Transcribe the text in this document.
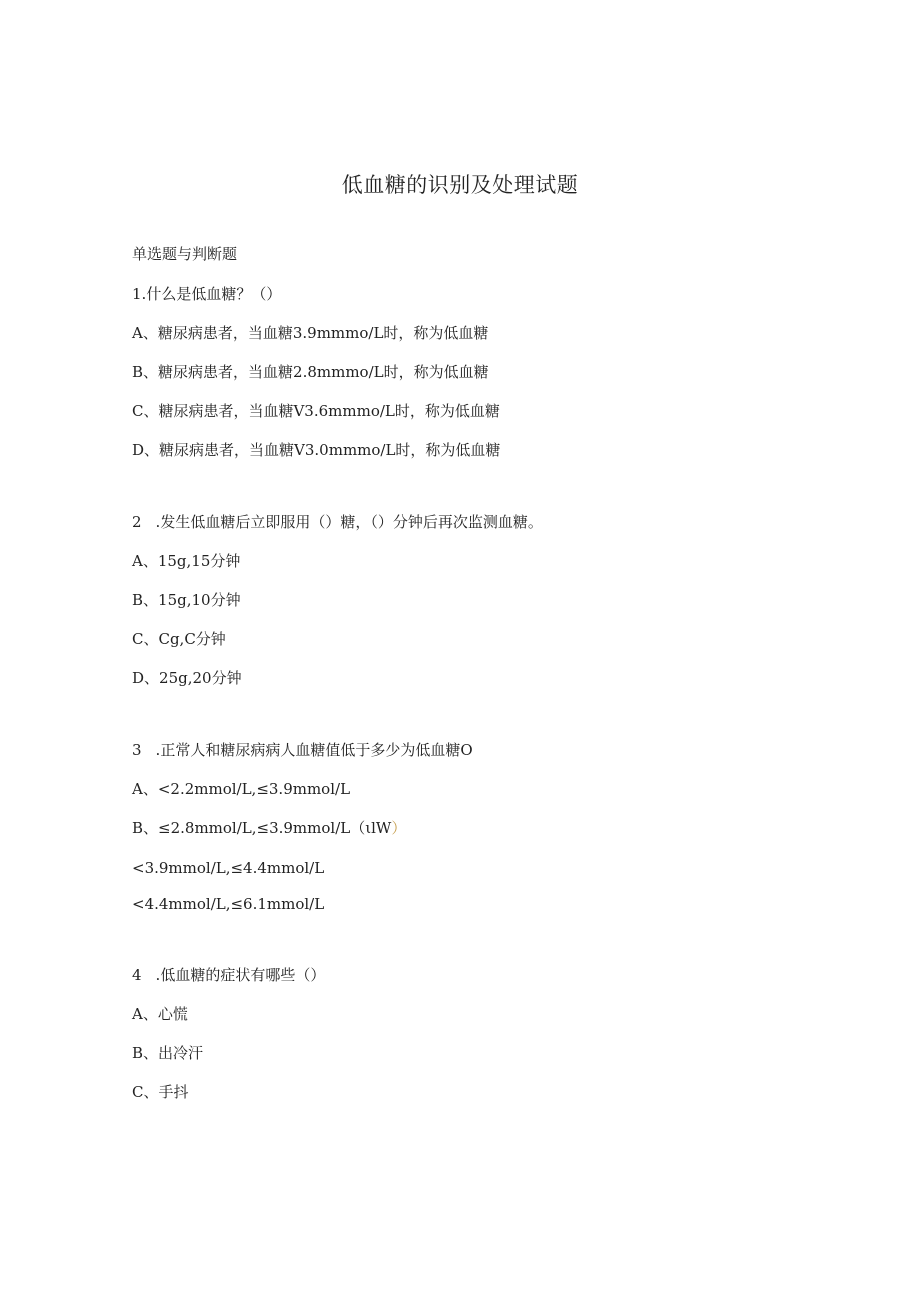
低血糖的识别及处理试题
单选题与判断题
1.什么是低血糖？（）
A、糖尿病患者，当血糖3.9mmmo/L时，称为低血糖
B、糖尿病患者，当血糖2.8mmmo/L时，称为低血糖
C、糖尿病患者，当血糖V3.6mmmo/L时，称为低血糖
D、糖尿病患者，当血糖V3.0mmmo/L时，称为低血糖
2 .发生低血糖后立即服用（）糖，（）分钟后再次监测血糖。
A、15g,15分钟
B、15g,10分钟
C、Cg,C分钟
D、25g,20分钟
3 .正常人和糖尿病病人血糖值低于多少为低血糖O
A、<2.2mmol/L,≤3.9mmol/L
B、≤2.8mmol/L,≤3.9mmol/L（ιlW）
<3.9mmol/L,≤4.4mmol/L
<4.4mmol/L,≤6.1mmol/L
4 .低血糖的症状有哪些（）
A、心慌
B、出冷汗
C、手抖
